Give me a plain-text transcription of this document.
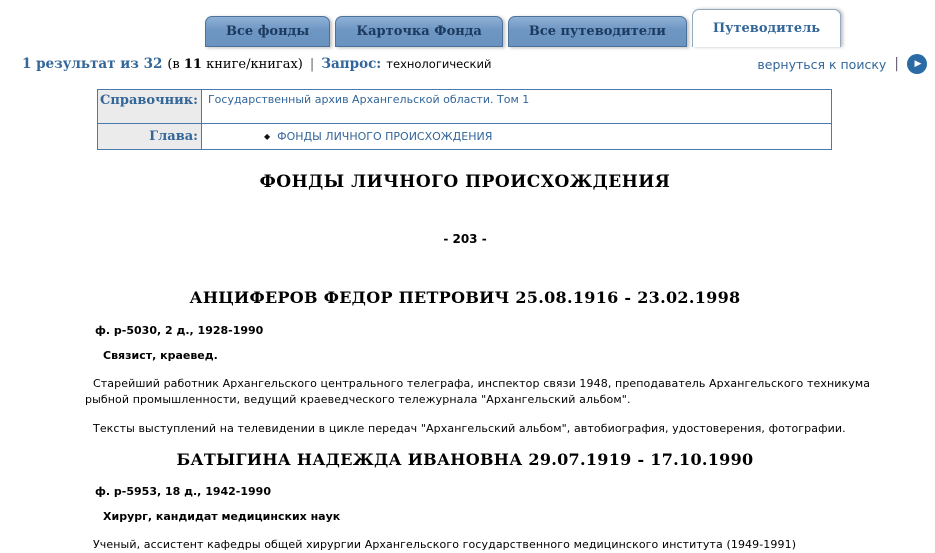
Все фонды	Карточка Фонда	Все путеводители	Путеводитель
1 результат из 32 (в 11 книге/книгах) | Запрос: технологический	вернуться к поиску | ▶
Справочник:	Государственный архив Архангельской области. Том 1
Глава:	◆ ФОНДЫ ЛИЧНОГО ПРОИСХОЖДЕНИЯ
ФОНДЫ ЛИЧНОГО ПРОИСХОЖДЕНИЯ
- 203 -
АНЦИФЕРОВ ФЕДОР ПЕТРОВИЧ 25.08.1916 - 23.02.1998
ф. р-5030, 2 д., 1928-1990
Связист, краевед.

Старейший работник Архангельского центрального телеграфа, инспектор связи 1948, преподаватель Архангельского техникума рыбной промышленности, ведущий краеведческого тележурнала "Архангельский альбом".

Тексты выступлений на телевидении в цикле передач "Архангельский альбом", автобиография, удостоверения, фотографии.

БАТЫГИНА НАДЕЖДА ИВАНОВНА 29.07.1919 - 17.10.1990
ф. р-5953, 18 д., 1942-1990
Хирург, кандидат медицинских наук

Ученый, ассистент кафедры общей хирургии Архангельского государственного медицинского института (1949-1991)
